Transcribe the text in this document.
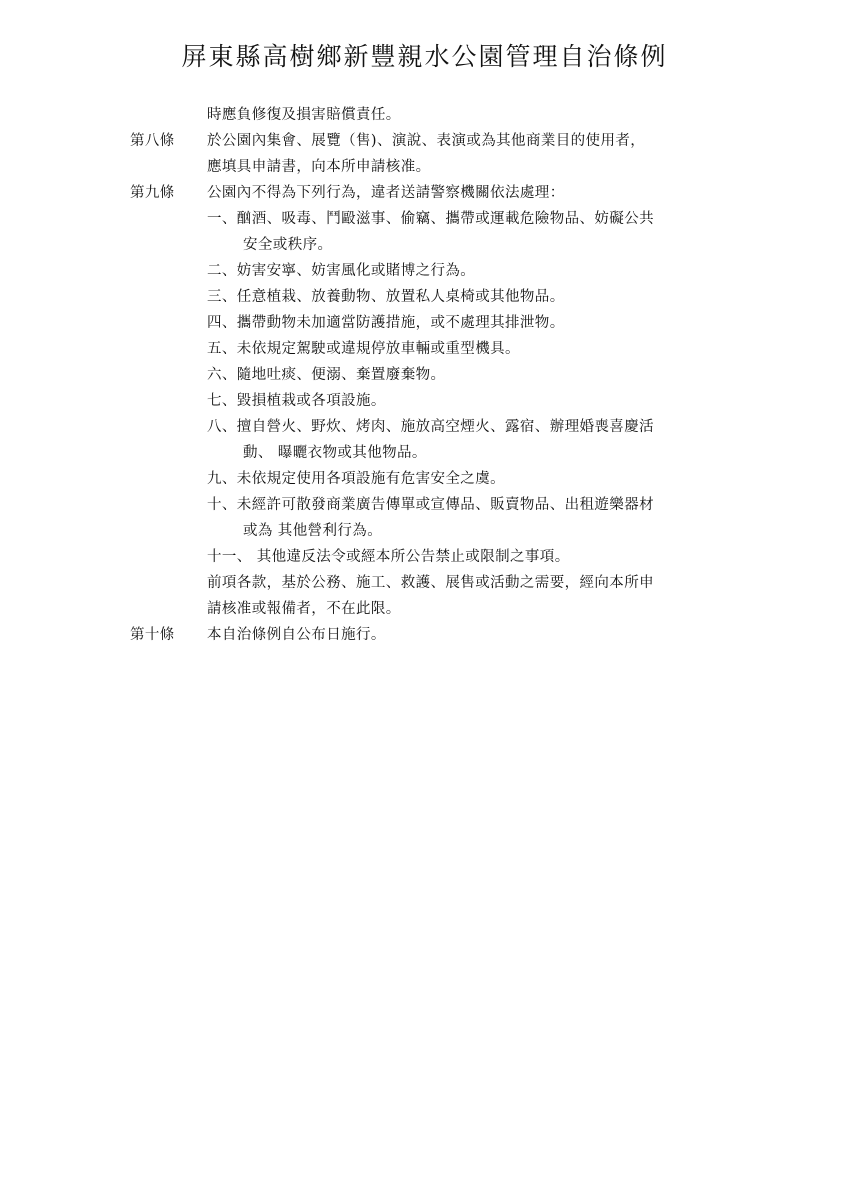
屏東縣高樹鄉新豐親水公園管理自治條例
時應負修復及損害賠償責任。
第八條 於公園內集會、展覽（售)、演說、表演或為其他商業目的使用者，
應填具申請書，向本所申請核准。
第九條 公園內不得為下列行為，違者送請警察機關依法處理：
一、酗酒、吸毒、鬥毆滋事、偷竊、攜帶或運載危險物品、妨礙公共
安全或秩序。
二、妨害安寧、妨害風化或賭博之行為。
三、任意植栽、放養動物、放置私人桌椅或其他物品。
四、攜帶動物未加適當防護措施，或不處理其排泄物。
五、未依規定駕駛或違規停放車輛或重型機具。
六、隨地吐痰、便溺、棄置廢棄物。
七、毀損植栽或各項設施。
八、擅自營火、野炊、烤肉、施放高空煙火、露宿、辦理婚喪喜慶活
動、 曝曬衣物或其他物品。
九、未依規定使用各項設施有危害安全之虞。
十、未經許可散發商業廣告傳單或宣傳品、販賣物品、出租遊樂器材
或為 其他營利行為。
十一、 其他違反法令或經本所公告禁止或限制之事項。
前項各款，基於公務、施工、救護、展售或活動之需要，經向本所申
請核准或報備者，不在此限。
第十條 本自治條例自公布日施行。
